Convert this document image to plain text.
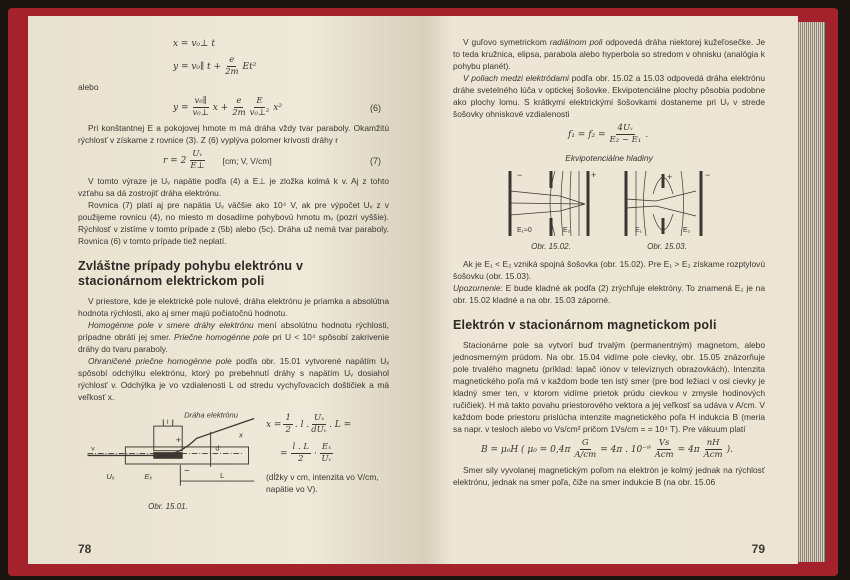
x = v₀⊥ t
y = v₀∥ $t + \frac{e}{2m} Et^2$
alebo
$y = \frac{\text{v₀∥}}{\text{v₀⊥}}$ $x + \frac{e}{2m}$ E
v₀⊥²
x²	(6)

Pri konštantnej E a pokojovej hmote m má dráha vždy tvar paraboly. Okamžitú rýchlosť v získame z rovnice (3). Z (6) vyplýva polomer krivosti dráhy r

r = 2
Uᵥ
E⊥
[cm; V, V/cm]	(7)

V tomto výraze je Uᵥ napätie podľa (4) a E⊥ je zložka kolmá k v. Aj z tohto vzťahu sa dá zostrojiť dráha elektrónu.

Rovnica (7) platí aj pre napätia Uᵥ väčšie ako 10⁴ V, ak pre výpočet Uᵥ z v použijeme rovnicu (4), no miesto m dosadíme pohybovú hmotu mᵥ (pozri vyššie). Rýchlosť v zistíme v tomto prípade z (5b) alebo (5c). Dráha už nemá tvar paraboly. Rovnica (6) v tomto prípade tiež neplatí.

Zvláštne prípady pohybu elektrónu v stacionárnom elektrickom poli

V priestore, kde je elektrické pole nulové, dráha elektrónu je priamka a absolútna hodnota rýchlosti, ako aj smer majú počiatočnú hodnotu.

Homogénne pole v smere dráhy elektrónu mení absolútnu hodnotu rýchlosti, prípadne obráti jej smer. Priečne homogénne pole pri U < 10⁴ spôsobí zakrivenie dráhy do tvaru paraboly.

Ohraničené priečne homogénne pole podľa obr. 15.01 vytvorené napätím Uₓ spôsobí odchýlku elektrónu, ktorý po prebehnutí dráhy s napätím Uᵥ dosiahol rýchlosť v. Odchýlka je vo vzdialenosti L od stredu vychyľovacích doštičiek a má veľkosť x.

Dráha elektrónu
+
−
d
x
v
Uₓ	Eₓ	L
l
Obr. 15.01.
$x = \frac{1}{2}$ . l .
Uₓ
dUᵥ
. L =
= $\frac{l . L}{2}$ ·
Eₓ
Uᵥ
(dĺžky v cm, intenzita vo V/cm, napätie vo V).
78

V guľovo symetrickom radiálnom poli odpovedá dráha niektorej kužeľosečke. Je to teda kružnica, elipsa, parabola alebo hyperbola so stredom v ohnisku (analógia k pohybu planét).

V poliach medzi elektródami podľa obr. 15.02 a 15.03 odpovedá dráha elektrónu dráhe svetelného lúča v optickej šošovke. Ekvipotenciálne plochy pôsobia podobne ako plochy lomu. S krátkymi elektrickými šošovkami dostaneme pri Uᵥ v strede šošovky ohniskové vzdialenosti

$f_1 = f_2 = \frac{\text{4Uᵥ}}{\text{E₂ − E₁}}$ .
Ekvipotenciálne hladiny
−	+
E₁≈0	E₂
Obr. 15.02.
−
+
E₁	E₂
Obr. 15.03.

Ak je E₁ < E₂ vzniká spojná šošovka (obr. 15.02). Pre E₁ > E₂ získame rozptylovú šošovku (obr. 15.03).

Upozornenie: E bude kladné ak podľa (2) zrýchľuje elektróny. To znamená E₂ je na obr. 15.02 kladné a na obr. 15.03 záporné.

Elektrón v stacionárnom magnetickom poli

Stacionárne pole sa vytvorí buď trvalým (permanentným) magnetom, alebo jednosmerným prúdom. Na obr. 15.04 vidíme pole cievky, obr. 15.05 znázorňuje pole trvalého magnetu (príklad: lapač iónov v televíznych obrazovkách). Intenzita magnetického poľa má v každom bode ten istý smer (pre bod ležiaci v osi cievky je kladný smer ten, v ktorom vidíme prietok prúdu cievkou v zmysle hodinových ručičiek). H má takto povahu priestorového vektora a jej veľkosť sa udáva v A/cm. V každom bode priestoru prislúcha intenzite magnetického poľa H indukcia B (meria sa napr. v tesloch alebo vo Vs/cm² pričom 1Vs/cm = = 10⁴ T). Pre vákuum platí

B = μ₀H ( $\mu_0 = 0,4\pi \frac{G}{A/cm} = 4\pi$ . 10⁻⁹
Vs
Acm
= 4π
nH
Acm
).

Smer sily vyvolanej magnetickým poľom na elektrón je kolmý jednak na rýchlosť elektrónu, jednak na smer poľa, čiže na smer indukcie B (na obr. 15.06

79
